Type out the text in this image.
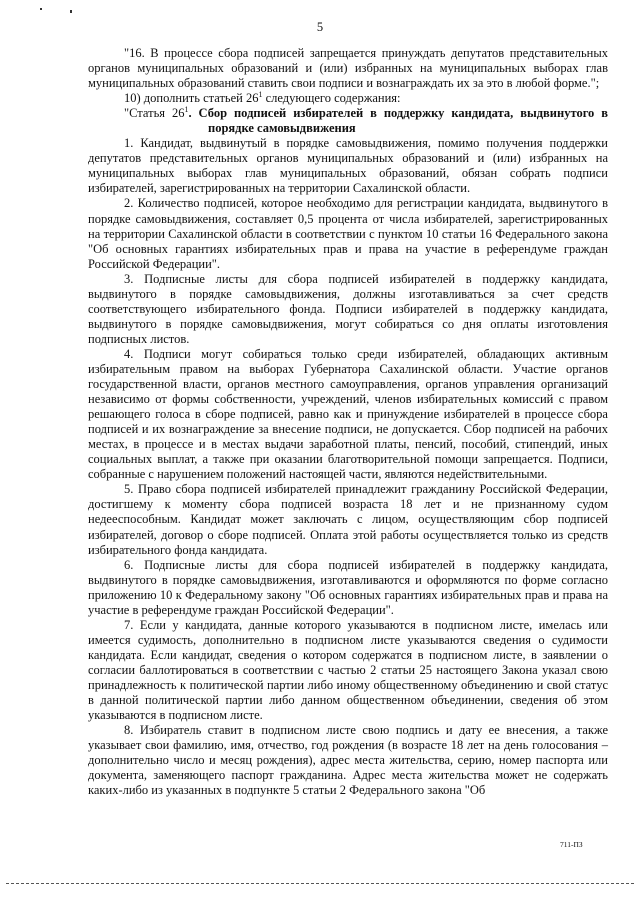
5

"16. В процессе сбора подписей запрещается принуждать депутатов представительных органов муниципальных образований и (или) избранных на муниципальных выборах глав муниципальных образований ставить свои подписи и вознаграждать их за это в любой форме.";

10) дополнить статьей $26^1$ следующего содержания:

"Статья $26^1$. Сбор подписей избирателей в поддержку кандидата, выдвинутого в порядке самовыдвижения

1. Кандидат, выдвинутый в порядке самовыдвижения, помимо получения поддержки депутатов представительных органов муниципальных образований и (или) избранных на муниципальных выборах глав муниципальных образований, обязан собрать подписи избирателей, зарегистрированных на территории Сахалинской области.

2. Количество подписей, которое необходимо для регистрации кандидата, выдвинутого в порядке самовыдвижения, составляет 0,5 процента от числа избирателей, зарегистрированных на территории Сахалинской области в соответствии с пунктом 10 статьи 16 Федерального закона "Об основных гарантиях избирательных прав и права на участие в референдуме граждан Российской Федерации".

3. Подписные листы для сбора подписей избирателей в поддержку кандидата, выдвинутого в порядке самовыдвижения, должны изготавливаться за счет средств соответствующего избирательного фонда. Подписи избирателей в поддержку кандидата, выдвинутого в порядке самовыдвижения, могут собираться со дня оплаты изготовления подписных листов.

4. Подписи могут собираться только среди избирателей, обладающих активным избирательным правом на выборах Губернатора Сахалинской области. Участие органов государственной власти, органов местного самоуправления, органов управления организаций независимо от формы собственности, учреждений, членов избирательных комиссий с правом решающего голоса в сборе подписей, равно как и принуждение избирателей в процессе сбора подписей и их вознаграждение за внесение подписи, не допускается. Сбор подписей на рабочих местах, в процессе и в местах выдачи заработной платы, пенсий, пособий, стипендий, иных социальных выплат, а также при оказании благотворительной помощи запрещается. Подписи, собранные с нарушением положений настоящей части, являются недействительными.

5. Право сбора подписей избирателей принадлежит гражданину Российской Федерации, достигшему к моменту сбора подписей возраста 18 лет и не признанному судом недееспособным. Кандидат может заключать с лицом, осуществляющим сбор подписей избирателей, договор о сборе подписей. Оплата этой работы осуществляется только из средств избирательного фонда кандидата.

6. Подписные листы для сбора подписей избирателей в поддержку кандидата, выдвинутого в порядке самовыдвижения, изготавливаются и оформляются по форме согласно приложению 10 к Федеральному закону "Об основных гарантиях избирательных прав и права на участие в референдуме граждан Российской Федерации".

7. Если у кандидата, данные которого указываются в подписном листе, имелась или имеется судимость, дополнительно в подписном листе указываются сведения о судимости кандидата. Если кандидат, сведения о котором содержатся в подписном листе, в заявлении о согласии баллотироваться в соответствии с частью 2 статьи 25 настоящего Закона указал свою принадлежность к политической партии либо иному общественному объединению и свой статус в данной политической партии либо данном общественном объединении, сведения об этом указываются в подписном листе.

8. Избиратель ставит в подписном листе свою подпись и дату ее внесения, а также указывает свои фамилию, имя, отчество, год рождения (в возрасте 18 лет на день голосования – дополнительно число и месяц рождения), адрес места жительства, серию, номер паспорта или документа, заменяющего паспорт гражданина. Адрес места жительства может не содержать каких-либо из указанных в подпункте 5 статьи 2 Федерального закона "Об

711-ПЗ
